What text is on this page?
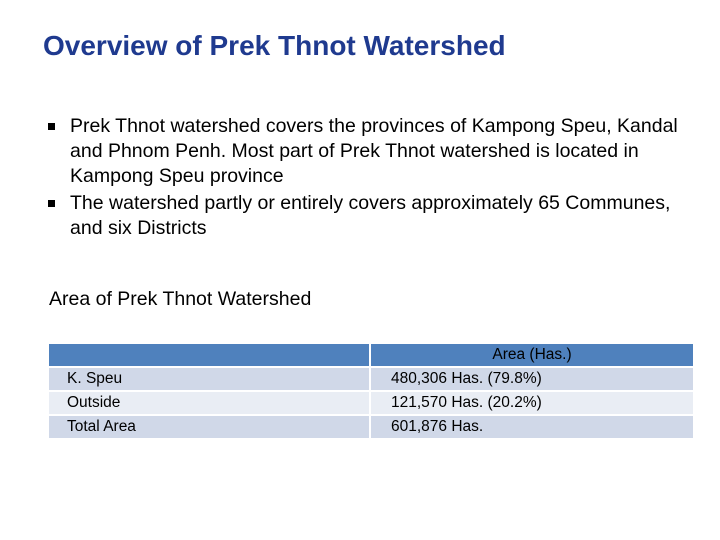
Overview of Prek Thnot Watershed
Prek Thnot watershed covers the provinces of Kampong Speu, Kandal and Phnom Penh. Most part of Prek Thnot watershed is located in Kampong Speu province
The watershed partly or entirely covers approximately 65 Communes, and six Districts
Area of Prek Thnot Watershed
	Area (Has.)
K. Speu	480,306 Has. (79.8%)
Outside	121,570 Has. (20.2%)
Total Area	601,876 Has.
